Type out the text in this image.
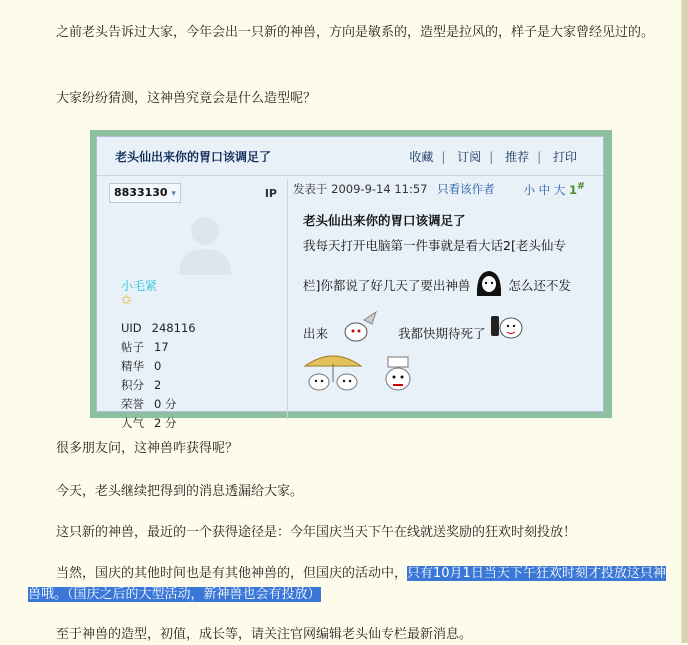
之前老头告诉过大家，今年会出一只新的神兽，方向是敏系的，造型是拉风的，样子是大家曾经见过的。
大家纷纷猜测，这神兽究竟会是什么造型呢？
老头仙出来你的胃口该调足了	收藏 | 订阅 | 推荐 | 打印
8833130 ▾	IP
小毛紧
✩
UID 248116
帖子 17
精华 0
积分 2
荣誉 0 分
人气 2 分
发表于 2009-9-14 11:57 只看该作者	小 中 大 1#
老头仙出来你的胃口该调足了
我每天打开电脑第一件事就是看大话2[老头仙专
栏]你都说了好几天了要出神兽	怎么还不发
出来	我都快期待死了

很多朋友问，这神兽咋获得呢？
今天，老头继续把得到的消息透漏给大家。
这只新的神兽，最近的一个获得途径是：今年国庆当天下午在线就送奖励的狂欢时刻投放！
当然，国庆的其他时间也是有其他神兽的，但国庆的活动中，只有10月1日当天下午狂欢时刻才投放这只神兽哦。（国庆之后的大型活动，新神兽也会有投放）
至于神兽的造型，初值，成长等，请关注官网编辑老头仙专栏最新消息。
